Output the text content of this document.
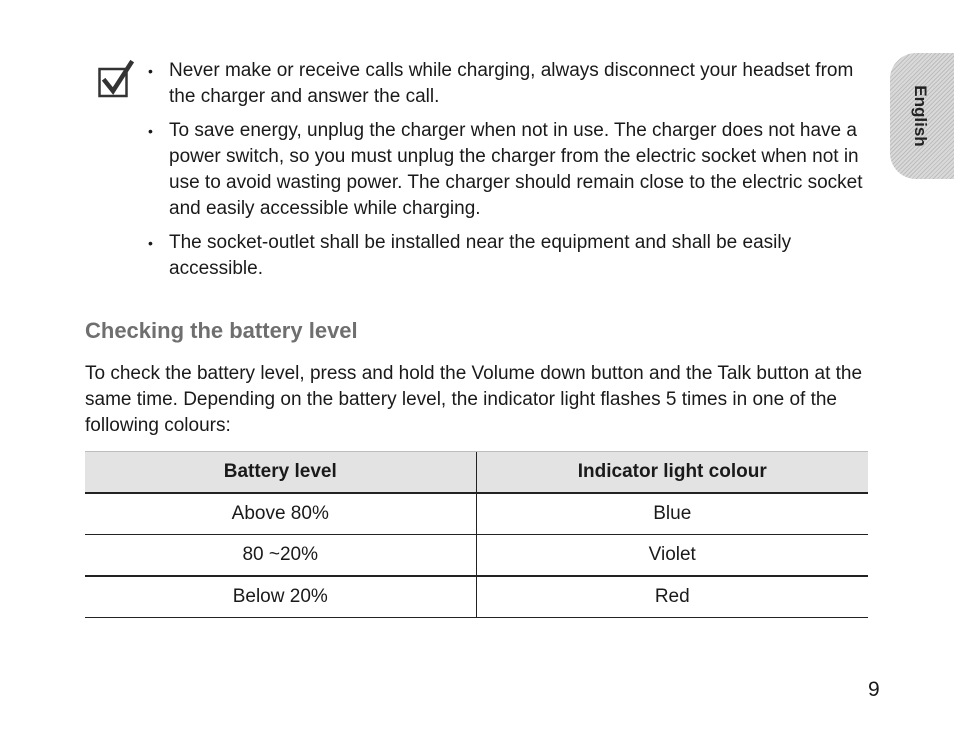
English
• Never make or receive calls while charging, always disconnect your headset from the charger and answer the call.
• To save energy, unplug the charger when not in use. The charger does not have a power switch, so you must unplug the charger from the electric socket when not in use to avoid wasting power. The charger should remain close to the electric socket and easily accessible while charging.
• The socket-outlet shall be installed near the equipment and shall be easily accessible.
Checking the battery level

To check the battery level, press and hold the Volume down button and the Talk button at the same time. Depending on the battery level, the indicator light flashes 5 times in one of the following colours:

Battery level	Indicator light colour
Above 80%	Blue
80 ~20%	Violet
Below 20%	Red
9
